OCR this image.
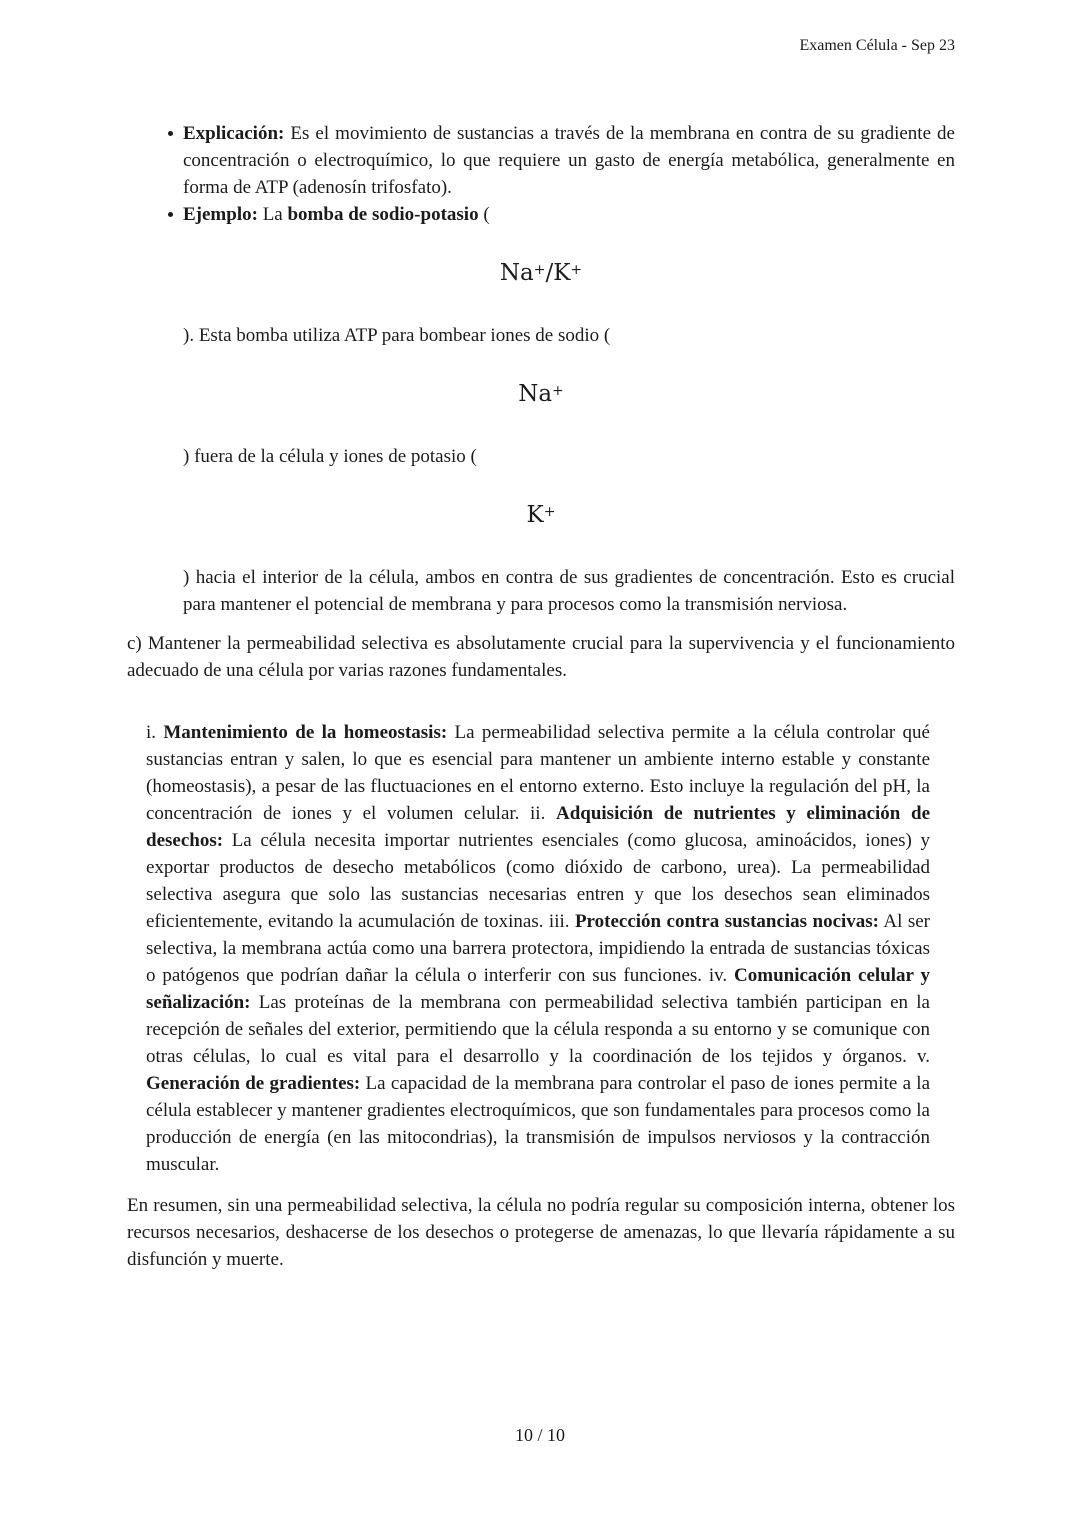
Examen Célula - Sep 23
Explicación: Es el movimiento de sustancias a través de la membrana en contra de su gradiente de concentración o electroquímico, lo que requiere un gasto de energía metabólica, generalmente en forma de ATP (adenosín trifosfato).
Ejemplo: La bomba de sodio-potasio (
Na+/K+
). Esta bomba utiliza ATP para bombear iones de sodio (
Na+
) fuera de la célula y iones de potasio (
K+
) hacia el interior de la célula, ambos en contra de sus gradientes de concentración. Esto es crucial para mantener el potencial de membrana y para procesos como la transmisión nerviosa.

c) Mantener la permeabilidad selectiva es absolutamente crucial para la supervivencia y el funcionamiento adecuado de una célula por varias razones fundamentales.

i. Mantenimiento de la homeostasis: La permeabilidad selectiva permite a la célula controlar qué sustancias entran y salen, lo que es esencial para mantener un ambiente interno estable y constante (homeostasis), a pesar de las fluctuaciones en el entorno externo. Esto incluye la regulación del pH, la concentración de iones y el volumen celular. ii. Adquisición de nutrientes y eliminación de desechos: La célula necesita importar nutrientes esenciales (como glucosa, aminoácidos, iones) y exportar productos de desecho metabólicos (como dióxido de carbono, urea). La permeabilidad selectiva asegura que solo las sustancias necesarias entren y que los desechos sean eliminados eficientemente, evitando la acumulación de toxinas. iii. Protección contra sustancias nocivas: Al ser selectiva, la membrana actúa como una barrera protectora, impidiendo la entrada de sustancias tóxicas o patógenos que podrían dañar la célula o interferir con sus funciones. iv. Comunicación celular y señalización: Las proteínas de la membrana con permeabilidad selectiva también participan en la recepción de señales del exterior, permitiendo que la célula responda a su entorno y se comunique con otras células, lo cual es vital para el desarrollo y la coordinación de los tejidos y órganos. v. Generación de gradientes: La capacidad de la membrana para controlar el paso de iones permite a la célula establecer y mantener gradientes electroquímicos, que son fundamentales para procesos como la producción de energía (en las mitocondrias), la transmisión de impulsos nerviosos y la contracción muscular.

En resumen, sin una permeabilidad selectiva, la célula no podría regular su composición interna, obtener los recursos necesarios, deshacerse de los desechos o protegerse de amenazas, lo que llevaría rápidamente a su disfunción y muerte.

10 / 10
